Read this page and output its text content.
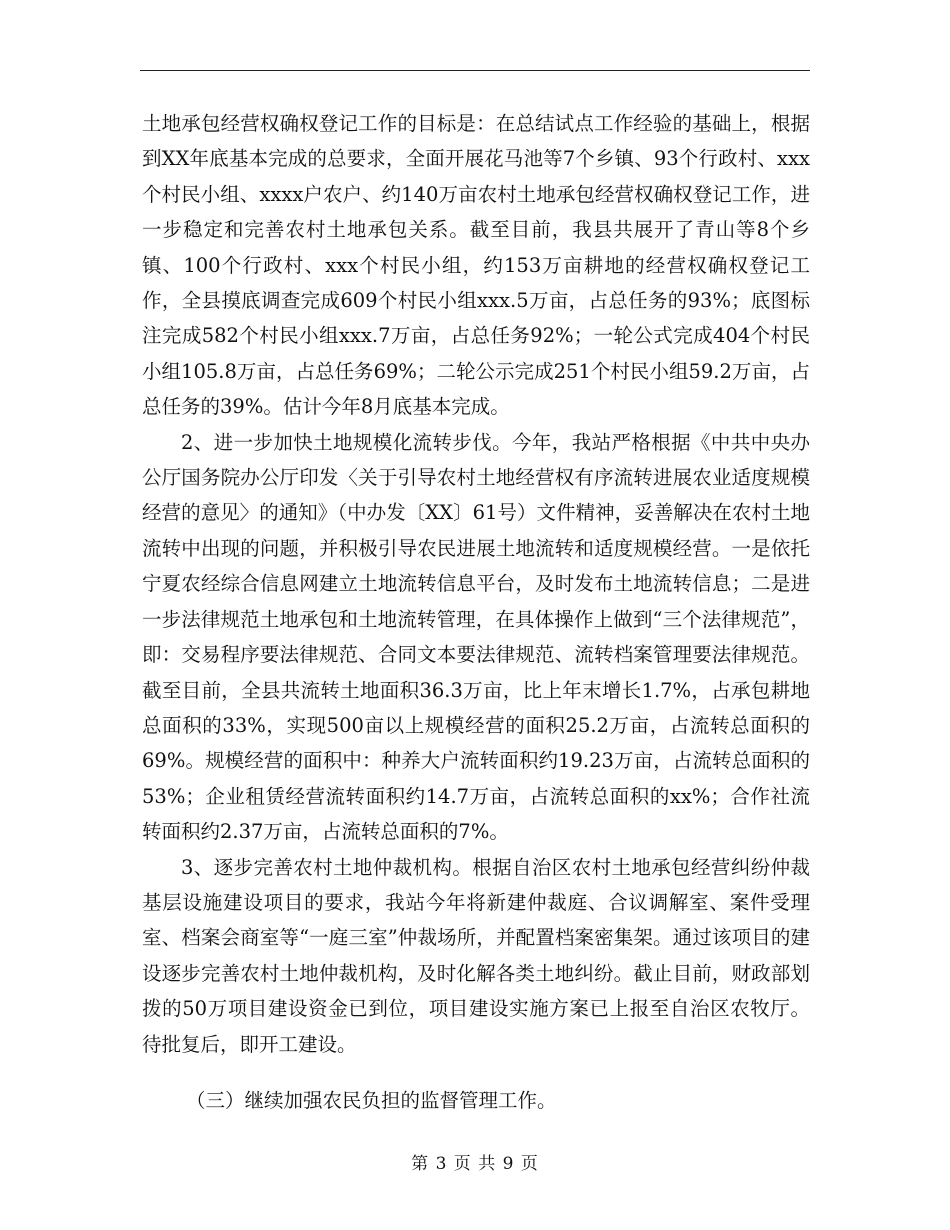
土地承包经营权确权登记工作的目标是：在总结试点工作经验的基础上，根据到XX年底基本完成的总要求，全面开展花马池等7个乡镇、93个行政村、xxx个村民小组、xxxx户农户、约140万亩农村土地承包经营权确权登记工作，进一步稳定和完善农村土地承包关系。截至目前，我县共展开了青山等8个乡镇、100个行政村、xxx个村民小组，约153万亩耕地的经营权确权登记工作，全县摸底调查完成609个村民小组xxx.5万亩，占总任务的93%；底图标注完成582个村民小组xxx.7万亩，占总任务92%；一轮公式完成404个村民小组105.8万亩，占总任务69%；二轮公示完成251个村民小组59.2万亩，占总任务的39%。估计今年8月底基本完成。

2、进一步加快土地规模化流转步伐。今年，我站严格根据《中共中央办公厅国务院办公厅印发〈关于引导农村土地经营权有序流转进展农业适度规模经营的意见〉的通知》（中办发〔XX〕61号）文件精神，妥善解决在农村土地流转中出现的问题，并积极引导农民进展土地流转和适度规模经营。一是依托宁夏农经综合信息网建立土地流转信息平台，及时发布土地流转信息；二是进一步法律规范土地承包和土地流转管理，在具体操作上做到“三个法律规范”，即：交易程序要法律规范、合同文本要法律规范、流转档案管理要法律规范。截至目前，全县共流转土地面积36.3万亩，比上年末增长1.7%，占承包耕地总面积的33%，实现500亩以上规模经营的面积25.2万亩，占流转总面积的69%。规模经营的面积中：种养大户流转面积约19.23万亩，占流转总面积的53%；企业租赁经营流转面积约14.7万亩，占流转总面积的xx%；合作社流转面积约2.37万亩，占流转总面积的7%。

3、逐步完善农村土地仲裁机构。根据自治区农村土地承包经营纠纷仲裁基层设施建设项目的要求，我站今年将新建仲裁庭、合议调解室、案件受理室、档案会商室等“一庭三室”仲裁场所，并配置档案密集架。通过该项目的建设逐步完善农村土地仲裁机构，及时化解各类土地纠纷。截止目前，财政部划拨的50万项目建设资金已到位，项目建设实施方案已上报至自治区农牧厅。待批复后，即开工建设。

（三）继续加强农民负担的监督管理工作。

第 3 页 共 9 页
